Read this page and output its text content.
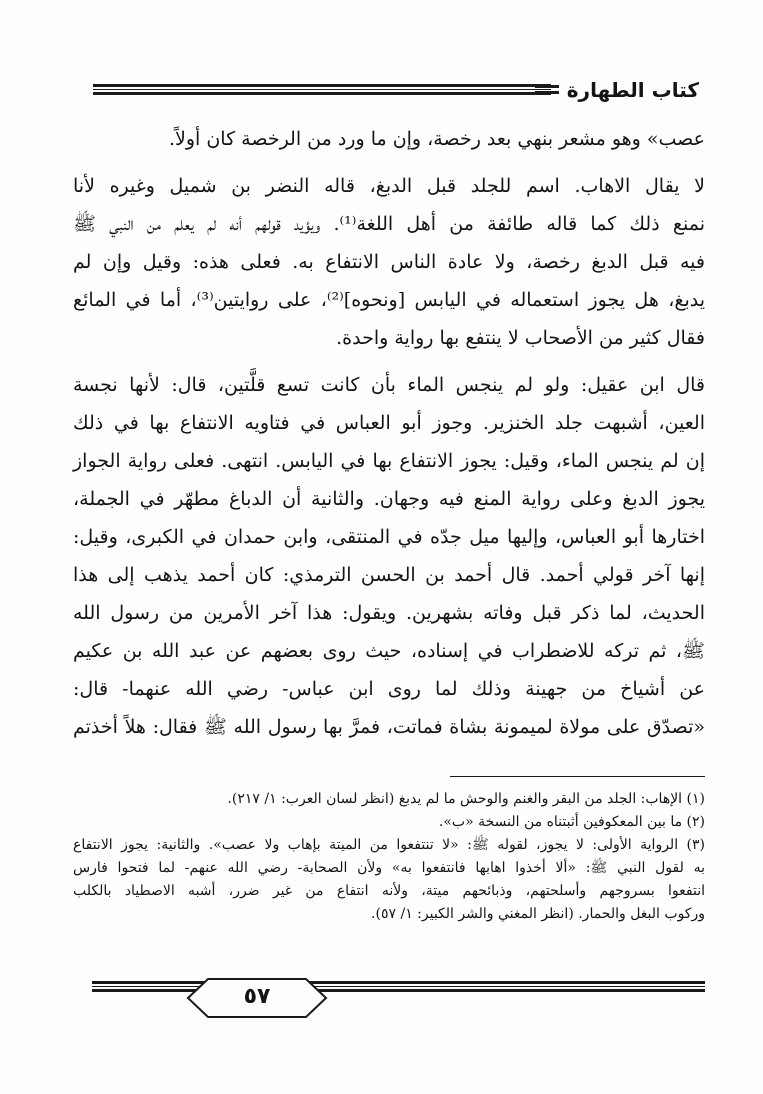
كتاب الطهارة

عصب» وهو مشعر بنهي بعد رخصة، وإن ما ورد من الرخصة كان أولاً.

لا يقال الاهاب. اسم للجلد قبل الدبغ، قاله النضر بن شميل وغيره لأنا
نمنع ذلك كما قاله طائفة من أهل اللغة⁽¹⁾. ويؤيد قولهم أنه لم يعلم من النبي ﷺ
فيه قبل الدبغ رخصة، ولا عادة الناس الانتفاع به. فعلى هذه: وقيل وإن لم
يدبغ، هل يجوز استعماله في اليابس [ونحوه]⁽²⁾، على روايتين⁽³⁾، أما في المائع
فقال كثير من الأصحاب لا ينتفع بها رواية واحدة.

قال ابن عقيل: ولو لم ينجس الماء بأن كانت تسع قلَّتين، قال: لأنها نجسة
العين، أشبهت جلد الخنزير. وجوز أبو العباس في فتاويه الانتفاع بها في ذلك
إن لم ينجس الماء، وقيل: يجوز الانتفاع بها في اليابس. انتهى. فعلى رواية الجواز
يجوز الدبغ وعلى رواية المنع فيه وجهان. والثانية أن الدباغ مطهّر في الجملة،
اختارها أبو العباس، وإليها ميل جدّه في المنتقى، وابن حمدان في الكبرى، وقيل:
إنها آخر قولي أحمد. قال أحمد بن الحسن الترمذي: كان أحمد يذهب إلى هذا
الحديث، لما ذكر قبل وفاته بشهرين. ويقول: هذا آخر الأمرين من رسول الله
ﷺ، ثم تركه للاضطراب في إسناده، حيث روى بعضهم عن عبد الله بن عكيم
عن أشياخ من جهينة وذلك لما روى ابن عباس- رضي الله عنهما- قال:
«تصدّق على مولاة لميمونة بشاة فماتت، فمرَّ بها رسول الله ﷺ فقال: هلاً أخذتم

(١) الإهاب: الجلد من البقر والغنم والوحش ما لم يدبغ (انظر لسان العرب: ١/ ٢١٧).

(٢) ما بين المعكوفين أثبتناه من النسخة «ب».

(٣) الرواية الأولى: لا يجوز، لقوله ﷺ: «لا تنتفعوا من الميتة بإهاب ولا عصب». والثانية: يجوز الانتفاع
به لقول النبي ﷺ: «ألا أخذوا اهابها فانتفعوا به» ولأن الصحابة- رضي الله عنهم- لما فتحوا فارس
انتفعوا بسروجهم وأسلحتهم، وذبائحهم ميتة، ولأنه انتفاع من غير ضرر، أشبه الاصطياد بالكلب
وركوب البغل والحمار. (انظر المغني والشر الكبير: ١/ ٥٧).

٥٧
